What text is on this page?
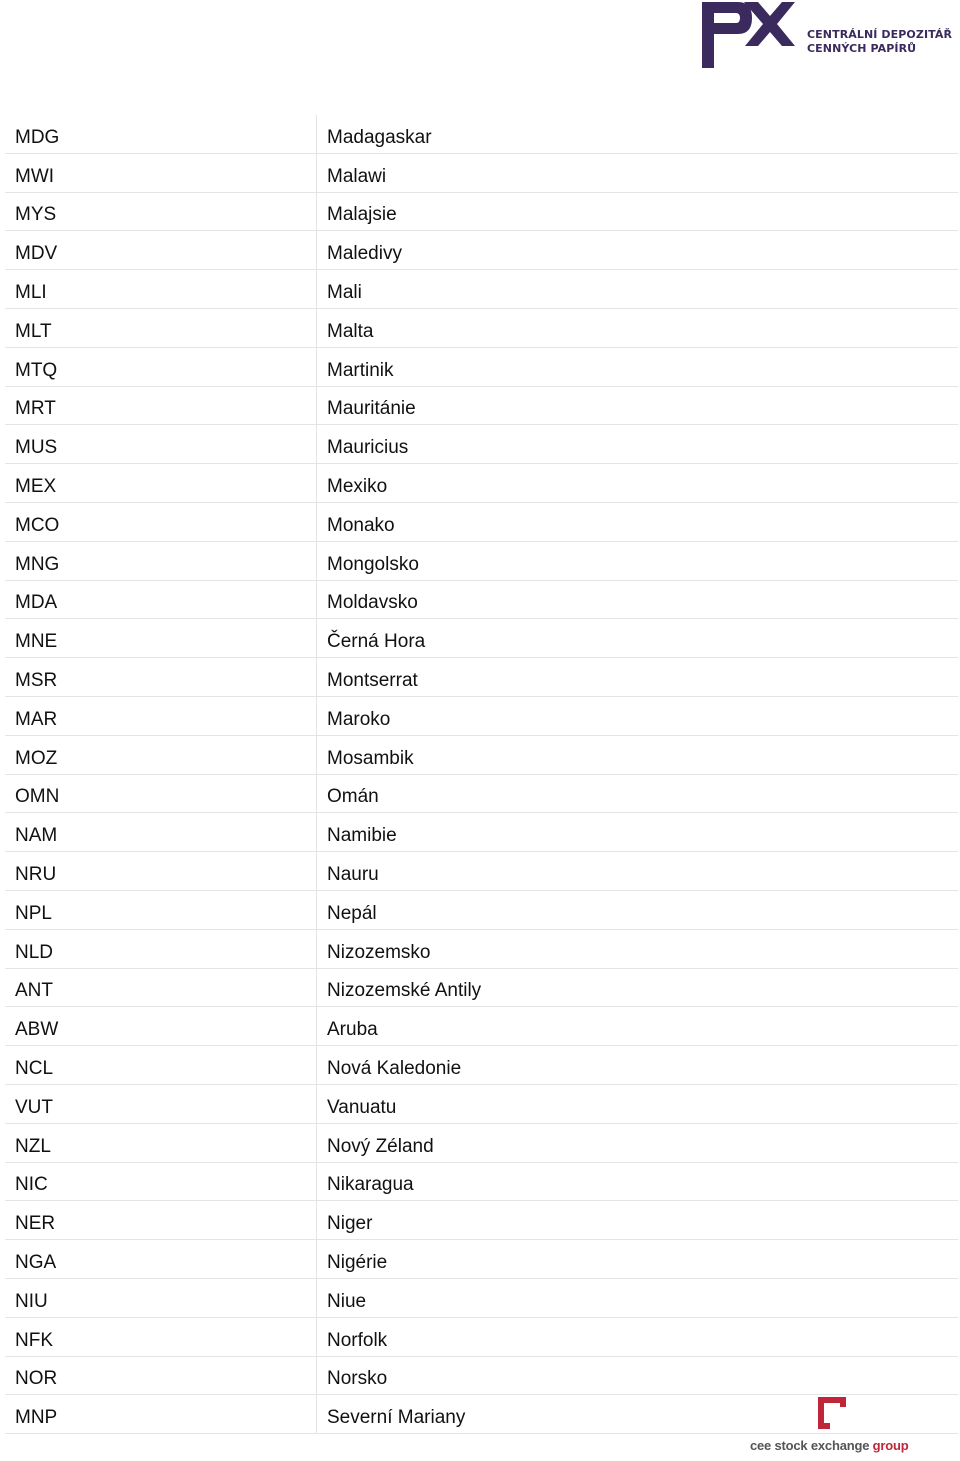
CENTRÁLNÍ DEPOZITÁŘ
CENNÝCH PAPÍRŮ
MDG	Madagaskar
MWI	Malawi
MYS	Malajsie
MDV	Maledivy
MLI	Mali
MLT	Malta
MTQ	Martinik
MRT	Mauritánie
MUS	Mauricius
MEX	Mexiko
MCO	Monako
MNG	Mongolsko
MDA	Moldavsko
MNE	Černá Hora
MSR	Montserrat
MAR	Maroko
MOZ	Mosambik
OMN	Omán
NAM	Namibie
NRU	Nauru
NPL	Nepál
NLD	Nizozemsko
ANT	Nizozemské Antily
ABW	Aruba
NCL	Nová Kaledonie
VUT	Vanuatu
NZL	Nový Zéland
NIC	Nikaragua
NER	Niger
NGA	Nigérie
NIU	Niue
NFK	Norfolk
NOR	Norsko
MNP	Severní Mariany
cee stock exchange group
